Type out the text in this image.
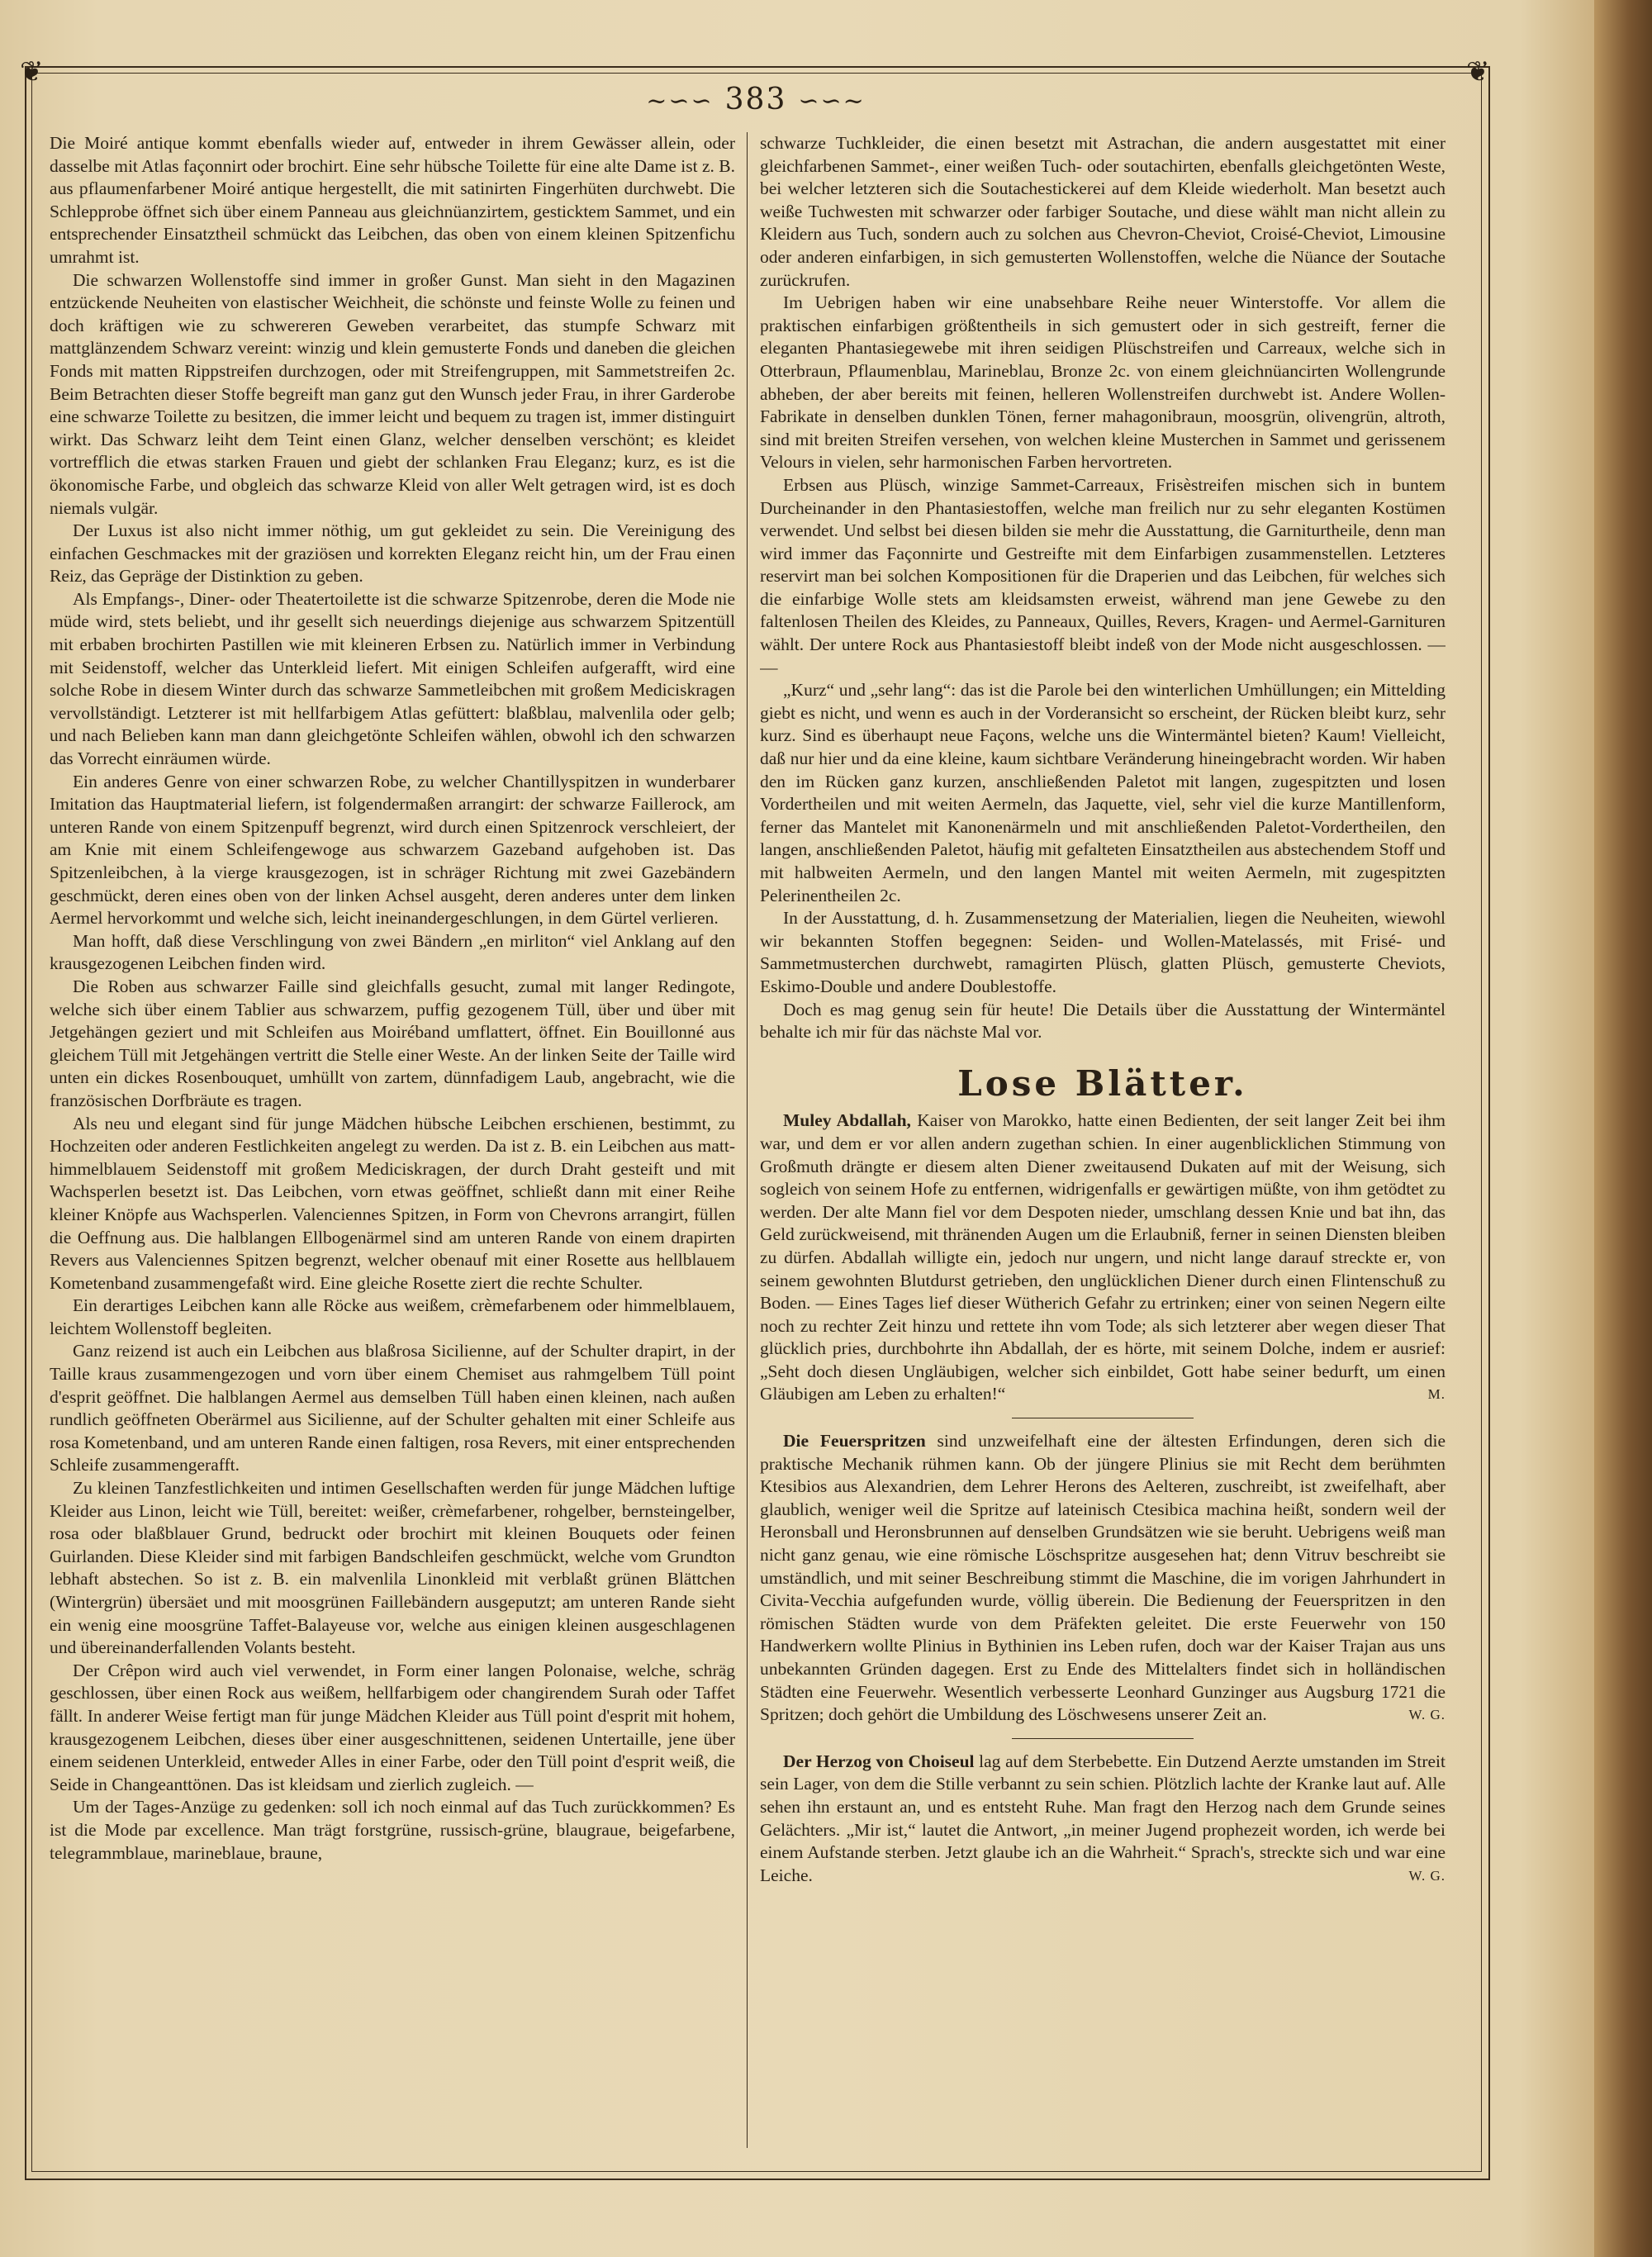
❦	❦
~∽∽ 383 ∽∽~

Die Moiré antique kommt ebenfalls wieder auf, entweder in ihrem Gewässer allein, oder dasselbe mit Atlas façonnirt oder brochirt. Eine sehr hübsche Toilette für eine alte Dame ist z. B. aus pflaumenfarbener Moiré antique hergestellt, die mit satinirten Fingerhüten durchwebt. Die Schlepprobe öffnet sich über einem Panneau aus gleichnüanzirtem, gesticktem Sammet, und ein entsprechender Einsatztheil schmückt das Leibchen, das oben von einem kleinen Spitzenfichu umrahmt ist.

Die schwarzen Wollenstoffe sind immer in großer Gunst. Man sieht in den Magazinen entzückende Neuheiten von elastischer Weichheit, die schönste und feinste Wolle zu feinen und doch kräftigen wie zu schwereren Geweben verarbeitet, das stumpfe Schwarz mit mattglänzendem Schwarz vereint: winzig und klein gemusterte Fonds und daneben die gleichen Fonds mit matten Rippstreifen durchzogen, oder mit Streifengruppen, mit Sammetstreifen 2c. Beim Betrachten dieser Stoffe begreift man ganz gut den Wunsch jeder Frau, in ihrer Garderobe eine schwarze Toilette zu besitzen, die immer leicht und bequem zu tragen ist, immer distinguirt wirkt. Das Schwarz leiht dem Teint einen Glanz, welcher denselben verschönt; es kleidet vortrefflich die etwas starken Frauen und giebt der schlanken Frau Eleganz; kurz, es ist die ökonomische Farbe, und obgleich das schwarze Kleid von aller Welt getragen wird, ist es doch niemals vulgär.

Der Luxus ist also nicht immer nöthig, um gut gekleidet zu sein. Die Vereinigung des einfachen Geschmackes mit der graziösen und korrekten Eleganz reicht hin, um der Frau einen Reiz, das Gepräge der Distinktion zu geben.

Als Empfangs-, Diner- oder Theatertoilette ist die schwarze Spitzenrobe, deren die Mode nie müde wird, stets beliebt, und ihr gesellt sich neuerdings diejenige aus schwarzem Spitzentüll mit erbaben brochirten Pastillen wie mit kleineren Erbsen zu. Natürlich immer in Verbindung mit Seidenstoff, welcher das Unterkleid liefert. Mit einigen Schleifen aufgerafft, wird eine solche Robe in diesem Winter durch das schwarze Sammetleibchen mit großem Mediciskragen vervollständigt. Letzterer ist mit hellfarbigem Atlas gefüttert: blaßblau, malvenlila oder gelb; und nach Belieben kann man dann gleichgetönte Schleifen wählen, obwohl ich den schwarzen das Vorrecht einräumen würde.

Ein anderes Genre von einer schwarzen Robe, zu welcher Chantillyspitzen in wunderbarer Imitation das Hauptmaterial liefern, ist folgendermaßen arrangirt: der schwarze Faillerock, am unteren Rande von einem Spitzenpuff begrenzt, wird durch einen Spitzenrock verschleiert, der am Knie mit einem Schleifengewoge aus schwarzem Gazeband aufgehoben ist. Das Spitzenleibchen, à la vierge krausgezogen, ist in schräger Richtung mit zwei Gazebändern geschmückt, deren eines oben von der linken Achsel ausgeht, deren anderes unter dem linken Aermel hervorkommt und welche sich, leicht ineinandergeschlungen, in dem Gürtel verlieren.

Man hofft, daß diese Verschlingung von zwei Bändern „en mirliton“ viel Anklang auf den krausgezogenen Leibchen finden wird.

Die Roben aus schwarzer Faille sind gleichfalls gesucht, zumal mit langer Redingote, welche sich über einem Tablier aus schwarzem, puffig gezogenem Tüll, über und über mit Jetgehängen geziert und mit Schleifen aus Moiréband umflattert, öffnet. Ein Bouillonné aus gleichem Tüll mit Jetgehängen vertritt die Stelle einer Weste. An der linken Seite der Taille wird unten ein dickes Rosenbouquet, umhüllt von zartem, dünnfadigem Laub, angebracht, wie die französischen Dorfbräute es tragen.

Als neu und elegant sind für junge Mädchen hübsche Leibchen erschienen, bestimmt, zu Hochzeiten oder anderen Festlichkeiten angelegt zu werden. Da ist z. B. ein Leibchen aus matt-himmelblauem Seidenstoff mit großem Mediciskragen, der durch Draht gesteift und mit Wachsperlen besetzt ist. Das Leibchen, vorn etwas geöffnet, schließt dann mit einer Reihe kleiner Knöpfe aus Wachsperlen. Valenciennes Spitzen, in Form von Chevrons arrangirt, füllen die Oeffnung aus. Die halblangen Ellbogenärmel sind am unteren Rande von einem drapirten Revers aus Valenciennes Spitzen begrenzt, welcher obenauf mit einer Rosette aus hellblauem Kometenband zusammengefaßt wird. Eine gleiche Rosette ziert die rechte Schulter.

Ein derartiges Leibchen kann alle Röcke aus weißem, crèmefarbenem oder himmelblauem, leichtem Wollenstoff begleiten.

Ganz reizend ist auch ein Leibchen aus blaßrosa Sicilienne, auf der Schulter drapirt, in der Taille kraus zusammengezogen und vorn über einem Chemiset aus rahmgelbem Tüll point d'esprit geöffnet. Die halblangen Aermel aus demselben Tüll haben einen kleinen, nach außen rundlich geöffneten Oberärmel aus Sicilienne, auf der Schulter gehalten mit einer Schleife aus rosa Kometenband, und am unteren Rande einen faltigen, rosa Revers, mit einer entsprechenden Schleife zusammengerafft.

Zu kleinen Tanzfestlichkeiten und intimen Gesellschaften werden für junge Mädchen luftige Kleider aus Linon, leicht wie Tüll, bereitet: weißer, crèmefarbener, rohgelber, bernsteingelber, rosa oder blaßblauer Grund, bedruckt oder brochirt mit kleinen Bouquets oder feinen Guirlanden. Diese Kleider sind mit farbigen Bandschleifen geschmückt, welche vom Grundton lebhaft abstechen. So ist z. B. ein malvenlila Linonkleid mit verblaßt grünen Blättchen (Wintergrün) übersäet und mit moosgrünen Faillebändern ausgeputzt; am unteren Rande sieht ein wenig eine moosgrüne Taffet-Balayeuse vor, welche aus einigen kleinen ausgeschlagenen und übereinanderfallenden Volants besteht.

Der Crêpon wird auch viel verwendet, in Form einer langen Polonaise, welche, schräg geschlossen, über einen Rock aus weißem, hellfarbigem oder changirendem Surah oder Taffet fällt. In anderer Weise fertigt man für junge Mädchen Kleider aus Tüll point d'esprit mit hohem, krausgezogenem Leibchen, dieses über einer ausgeschnittenen, seidenen Untertaille, jene über einem seidenen Unterkleid, entweder Alles in einer Farbe, oder den Tüll point d'esprit weiß, die Seide in Changeanttönen. Das ist kleidsam und zierlich zugleich. —

Um der Tages-Anzüge zu gedenken: soll ich noch einmal auf das Tuch zurückkommen? Es ist die Mode par excellence. Man trägt forstgrüne, russisch-grüne, blaugraue, beigefarbene, telegrammblaue, marineblaue, braune,

schwarze Tuchkleider, die einen besetzt mit Astrachan, die andern ausgestattet mit einer gleichfarbenen Sammet-, einer weißen Tuch- oder soutachirten, ebenfalls gleichgetönten Weste, bei welcher letzteren sich die Soutachestickerei auf dem Kleide wiederholt. Man besetzt auch weiße Tuchwesten mit schwarzer oder farbiger Soutache, und diese wählt man nicht allein zu Kleidern aus Tuch, sondern auch zu solchen aus Chevron-Cheviot, Croisé-Cheviot, Limousine oder anderen einfarbigen, in sich gemusterten Wollenstoffen, welche die Nüance der Soutache zurückrufen.

Im Uebrigen haben wir eine unabsehbare Reihe neuer Winterstoffe. Vor allem die praktischen einfarbigen größtentheils in sich gemustert oder in sich gestreift, ferner die eleganten Phantasiegewebe mit ihren seidigen Plüschstreifen und Carreaux, welche sich in Otterbraun, Pflaumenblau, Marineblau, Bronze 2c. von einem gleichnüancirten Wollengrunde abheben, der aber bereits mit feinen, helleren Wollenstreifen durchwebt ist. Andere Wollen-Fabrikate in denselben dunklen Tönen, ferner mahagonibraun, moosgrün, olivengrün, altroth, sind mit breiten Streifen versehen, von welchen kleine Musterchen in Sammet und gerissenem Velours in vielen, sehr harmonischen Farben hervortreten.

Erbsen aus Plüsch, winzige Sammet-Carreaux, Frisèstreifen mischen sich in buntem Durcheinander in den Phantasiestoffen, welche man freilich nur zu sehr eleganten Kostümen verwendet. Und selbst bei diesen bilden sie mehr die Ausstattung, die Garniturtheile, denn man wird immer das Façonnirte und Gestreifte mit dem Einfarbigen zusammenstellen. Letzteres reservirt man bei solchen Kompositionen für die Draperien und das Leibchen, für welches sich die einfarbige Wolle stets am kleidsamsten erweist, während man jene Gewebe zu den faltenlosen Theilen des Kleides, zu Panneaux, Quilles, Revers, Kragen- und Aermel-Garnituren wählt. Der untere Rock aus Phantasiestoff bleibt indeß von der Mode nicht ausgeschlossen. — —

„Kurz“ und „sehr lang“: das ist die Parole bei den winterlichen Umhüllungen; ein Mittelding giebt es nicht, und wenn es auch in der Vorderansicht so erscheint, der Rücken bleibt kurz, sehr kurz. Sind es überhaupt neue Façons, welche uns die Wintermäntel bieten? Kaum! Vielleicht, daß nur hier und da eine kleine, kaum sichtbare Veränderung hineingebracht worden. Wir haben den im Rücken ganz kurzen, anschließenden Paletot mit langen, zugespitzten und losen Vordertheilen und mit weiten Aermeln, das Jaquette, viel, sehr viel die kurze Mantillenform, ferner das Mantelet mit Kanonenärmeln und mit anschließenden Paletot-Vordertheilen, den langen, anschließenden Paletot, häufig mit gefalteten Einsatztheilen aus abstechendem Stoff und mit halbweiten Aermeln, und den langen Mantel mit weiten Aermeln, mit zugespitzten Pelerinentheilen 2c.

In der Ausstattung, d. h. Zusammensetzung der Materialien, liegen die Neuheiten, wiewohl wir bekannten Stoffen begegnen: Seiden- und Wollen-Matelassés, mit Frisé- und Sammetmusterchen durchwebt, ramagirten Plüsch, glatten Plüsch, gemusterte Cheviots, Eskimo-Double und andere Doublestoffe.

Doch es mag genug sein für heute! Die Details über die Ausstattung der Wintermäntel behalte ich mir für das nächste Mal vor.

Lose Blätter.

Muley Abdallah, Kaiser von Marokko, hatte einen Bedienten, der seit langer Zeit bei ihm war, und dem er vor allen andern zugethan schien. In einer augenblicklichen Stimmung von Großmuth drängte er diesem alten Diener zweitausend Dukaten auf mit der Weisung, sich sogleich von seinem Hofe zu entfernen, widrigenfalls er gewärtigen müßte, von ihm getödtet zu werden. Der alte Mann fiel vor dem Despoten nieder, umschlang dessen Knie und bat ihn, das Geld zurückweisend, mit thränenden Augen um die Erlaubniß, ferner in seinen Diensten bleiben zu dürfen. Abdallah willigte ein, jedoch nur ungern, und nicht lange darauf streckte er, von seinem gewohnten Blutdurst getrieben, den unglücklichen Diener durch einen Flintenschuß zu Boden. — Eines Tages lief dieser Wütherich Gefahr zu ertrinken; einer von seinen Negern eilte noch zu rechter Zeit hinzu und rettete ihn vom Tode; als sich letzterer aber wegen dieser That glücklich pries, durchbohrte ihn Abdallah, der es hörte, mit seinem Dolche, indem er ausrief: „Seht doch diesen Ungläubigen, welcher sich einbildet, Gott habe seiner bedurft, um einen Gläubigen am Leben zu erhalten!“	M.

Die Feuerspritzen sind unzweifelhaft eine der ältesten Erfindungen, deren sich die praktische Mechanik rühmen kann. Ob der jüngere Plinius sie mit Recht dem berühmten Ktesibios aus Alexandrien, dem Lehrer Herons des Aelteren, zuschreibt, ist zweifelhaft, aber glaublich, weniger weil die Spritze auf lateinisch Ctesibica machina heißt, sondern weil der Heronsball und Heronsbrunnen auf denselben Grundsätzen wie sie beruht. Uebrigens weiß man nicht ganz genau, wie eine römische Löschspritze ausgesehen hat; denn Vitruv beschreibt sie umständlich, und mit seiner Beschreibung stimmt die Maschine, die im vorigen Jahrhundert in Civita-Vecchia aufgefunden wurde, völlig überein. Die Bedienung der Feuerspritzen in den römischen Städten wurde von dem Präfekten geleitet. Die erste Feuerwehr von 150 Handwerkern wollte Plinius in Bythinien ins Leben rufen, doch war der Kaiser Trajan aus uns unbekannten Gründen dagegen. Erst zu Ende des Mittelalters findet sich in holländischen Städten eine Feuerwehr. Wesentlich verbesserte Leonhard Gunzinger aus Augsburg 1721 die Spritzen; doch gehört die Umbildung des Löschwesens unserer Zeit an.	W. G.

Der Herzog von Choiseul lag auf dem Sterbebette. Ein Dutzend Aerzte umstanden im Streit sein Lager, von dem die Stille verbannt zu sein schien. Plötzlich lachte der Kranke laut auf. Alle sehen ihn erstaunt an, und es entsteht Ruhe. Man fragt den Herzog nach dem Grunde seines Gelächters. „Mir ist,“ lautet die Antwort, „in meiner Jugend prophezeit worden, ich werde bei einem Aufstande sterben. Jetzt glaube ich an die Wahrheit.“ Sprach's, streckte sich und war eine Leiche.	W. G.
